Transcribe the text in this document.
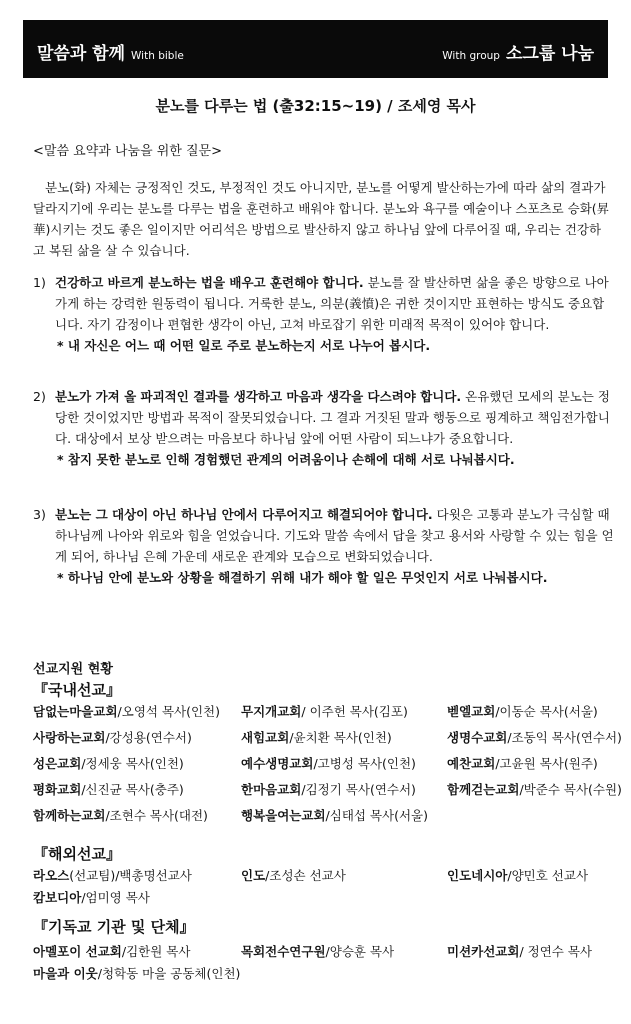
말씀과 함께 With bible	With group 소그룹 나눔
분노를 다루는 법 (출32:15~19) / 조세영 목사
<말씀 요약과 나눔을 위한 질문>
분노(화) 자체는 긍정적인 것도, 부정적인 것도 아니지만, 분노를 어떻게 발산하는가에 따라 삶의 결과가 달라지기에 우리는 분노를 다루는 법을 훈련하고 배워야 합니다. 분노와 욕구를 예술이나 스포츠로 승화(昇華)시키는 것도 좋은 일이지만 어리석은 방법으로 발산하지 않고 하나님 앞에 다루어질 때, 우리는 건강하고 복된 삶을 살 수 있습니다.
1) 건강하고 바르게 분노하는 법을 배우고 훈련해야 합니다. 분노를 잘 발산하면 삶을 좋은 방향으로 나아가게 하는 강력한 원동력이 됩니다. 거룩한 분노, 의분(義憤)은 귀한 것이지만 표현하는 방식도 중요합니다. 자기 감정이나 편협한 생각이 아닌, 고쳐 바로잡기 위한 미래적 목적이 있어야 합니다.
* 내 자신은 어느 때 어떤 일로 주로 분노하는지 서로 나누어 봅시다.
2) 분노가 가져 올 파괴적인 결과를 생각하고 마음과 생각을 다스려야 합니다. 온유했던 모세의 분노는 정당한 것이었지만 방법과 목적이 잘못되었습니다. 그 결과 거짓된 말과 행동으로 핑계하고 책임전가합니다. 대상에서 보상 받으려는 마음보다 하나님 앞에 어떤 사람이 되느냐가 중요합니다.
* 참지 못한 분노로 인해 경험했던 관계의 어려움이나 손해에 대해 서로 나눠봅시다.
3) 분노는 그 대상이 아닌 하나님 안에서 다루어지고 해결되어야 합니다. 다윗은 고통과 분노가 극심할 때 하나님께 나아와 위로와 힘을 얻었습니다. 기도와 말씀 속에서 답을 찾고 용서와 사랑할 수 있는 힘을 얻게 되어, 하나님 은혜 가운데 새로운 관계와 모습으로 변화되었습니다.
* 하나님 안에 분노와 상황을 해결하기 위해 내가 해야 할 일은 무엇인지 서로 나눠봅시다.
선교지원 현황
『국내선교』
담없는마을교회/오영석 목사(인천) 무지개교회/ 이주헌 목사(김포)	벧엘교회/이동순 목사(서울)
사랑하는교회/강성용(연수서)	새힘교회/윤치환 목사(인천)	생명수교회/조동익 목사(연수서)
성은교회/정세웅 목사(인천)	예수생명교회/고병성 목사(인천) 예찬교회/고윤원 목사(원주)
평화교회/신진균 목사(충주)	한마음교회/김정기 목사(연수서) 함께걷는교회/박준수 목사(수원)
함께하는교회/조현수 목사(대전)	행복을여는교회/심태섭 목사(서울)
『해외선교』
라오스(선교팀)/백총명선교사	인도/조성손 선교사	인도네시아/양민호 선교사
캄보디아/엄미영 목사
『기독교 기관 및 단체』
아멜포이 선교회/김한원 목사	목회전수연구원/양승훈 목사	미션카선교회/ 정연수 목사
마을과 이웃/청학동 마을 공동체(인천)
